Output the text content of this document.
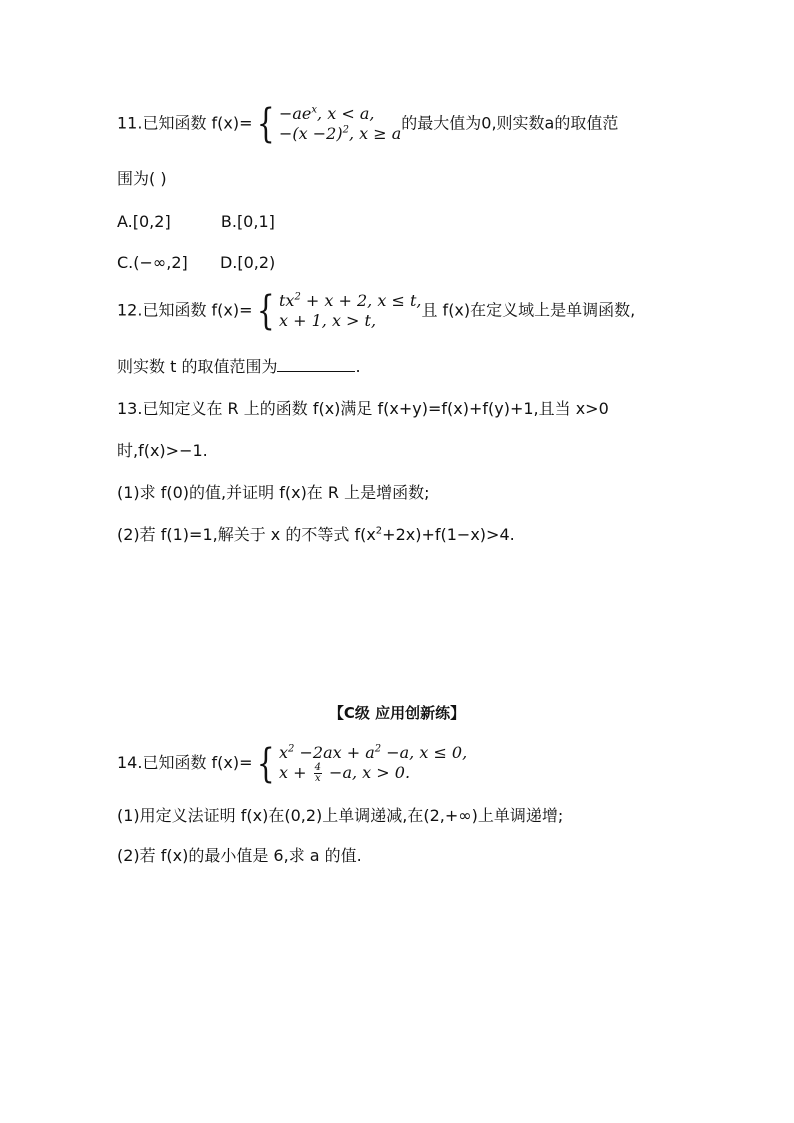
11.已知函数 $f(x)=\{ -ae^x$, x < a,
$-(x -2)^2$, x ≥ a
的最大值为0,则实数a的取值范
围为( )
A.[0,2]	B.[0,1]
C.(−∞,2] D.[0,2)
12.已知函数 f(x)={ $tx^2 + x + 2$, x ≤ t,
x + 1, x > t,
且 f(x)在定义域上是单调函数,
则实数 t 的取值范围为	.
13.已知定义在 R 上的函数 f(x)满足 f(x+y)=f(x)+f(y)+1,且当 x>0
时,f(x)>−1.
(1)求 f(0)的值,并证明 f(x)在 R 上是增函数;
(2)若 f(1)=1,解关于 x 的不等式 $f(x^2+2x)+f(1-x)>4$.
【C级 应用创新练】
14.已知函数 f(x)={ $x^2 -2ax + a^2 -a$, x ≤ 0,
$x + \frac{4}{x} -a$, x > 0.
(1)用定义法证明 f(x)在(0,2)上单调递减,在(2,+∞)上单调递增;
(2)若 f(x)的最小值是 6,求 a 的值.
